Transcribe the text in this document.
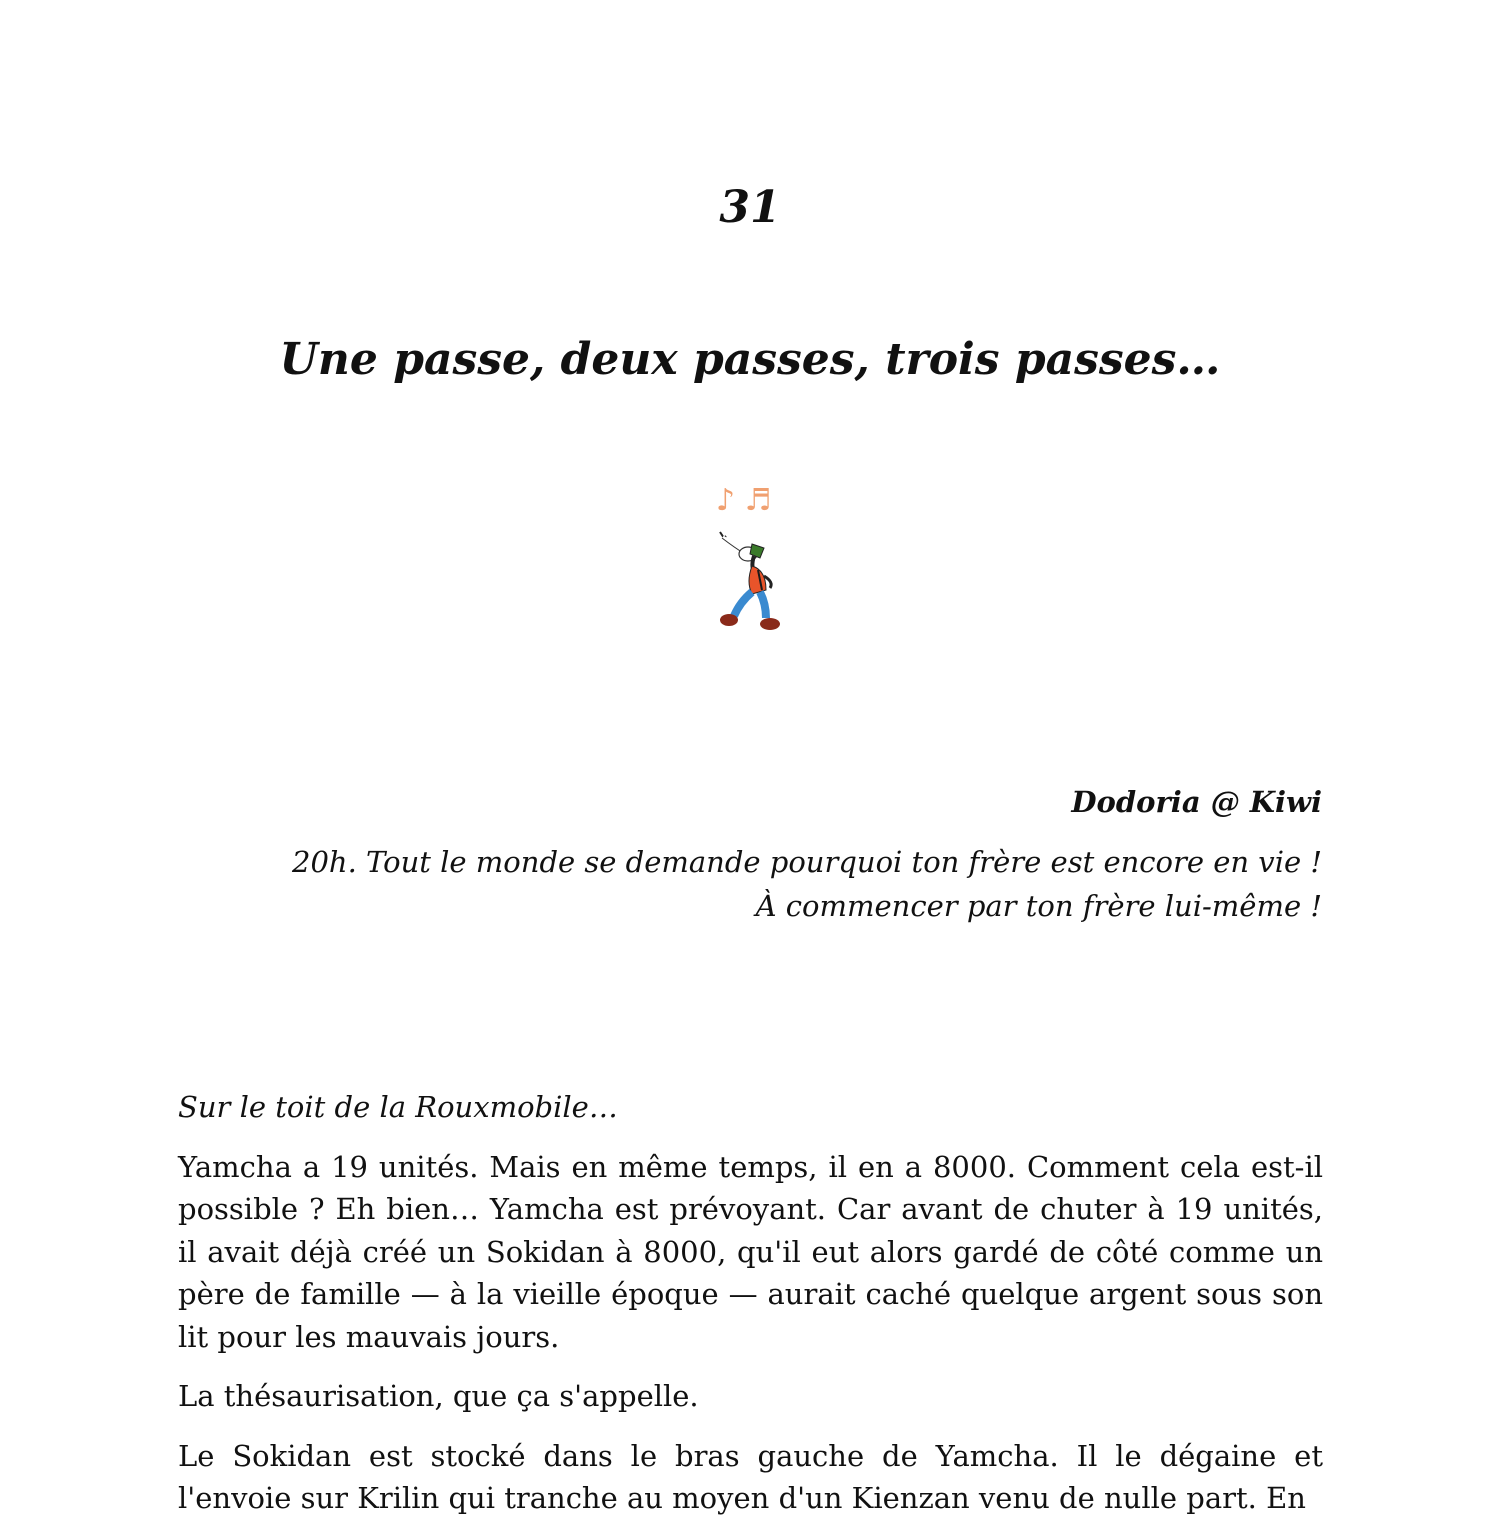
31
Une passe, deux passes, trois passes…
♪ ♬
Dodoria @ Kiwi
20h. Tout le monde se demande pourquoi ton frère est encore en vie ! À commencer par ton frère lui-même !

Sur le toit de la Rouxmobile…

Yamcha a 19 unités. Mais en même temps, il en a 8000. Comment cela est-il possible ? Eh bien… Yamcha est prévoyant. Car avant de chuter à 19 unités, il avait déjà créé un Sokidan à 8000, qu'il eut alors gardé de côté comme un père de famille — à la vieille époque — aurait caché quelque argent sous son lit pour les mauvais jours.

La thésaurisation, que ça s'appelle.

Le Sokidan est stocké dans le bras gauche de Yamcha. Il le dégaine et l'envoie sur Krilin qui tranche au moyen d'un Kienzan venu de nulle part. En
